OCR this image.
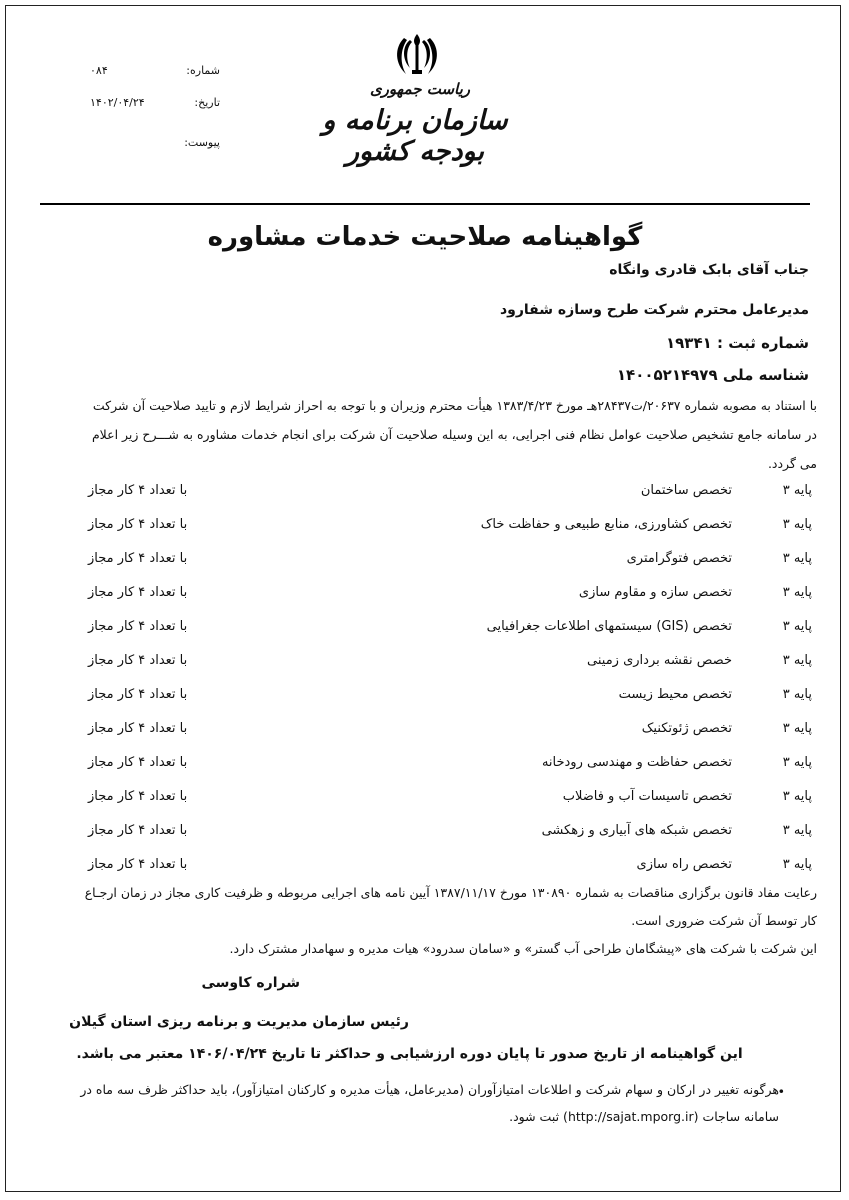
ریاست جمهوری
سازمان برنامه و بودجه کشور
شماره:
۰۸۴
تاریخ:
۱۴۰۲/۰۴/۲۴
پیوست:
گواهینامه صلاحیت خدمات مشاوره
جناب آقای بابک قادری وانگاه
مدیرعامل محترم شرکت طرح وسازه شفارود
شماره ثبت : ۱۹۳۴۱
شناسه ملی ۱۴۰۰۵۲۱۴۹۷۹
با استناد به مصوبه شماره ۲۰۶۳۷/ت۲۸۴۳۷هـ مورخ ۱۳۸۳/۴/۲۳ هیأت محترم وزیران و با توجه به احراز شرایط لازم و تایید صلاحیت آن شرکت
در سامانه جامع تشخیص صلاحیت عوامل نظام فنی اجرایی، به این وسیله صلاحیت آن شرکت برای انجام خدمات مشاوره به شـــرح زیر اعلام
می گردد.
پایه ۳
تخصص ساختمان
با تعداد ۴ کار مجاز
پایه ۳
تخصص کشاورزی، منابع طبیعی و حفاظت خاک
با تعداد ۴ کار مجاز
پایه ۳
تخصص فتوگرامتری
با تعداد ۴ کار مجاز
پایه ۳
تخصص سازه و مقاوم سازی
با تعداد ۴ کار مجاز
پایه ۳
تخصص (GIS) سیستمهای اطلاعات جغرافیایی
با تعداد ۴ کار مجاز
پایه ۳
خصص نقشه برداری زمینی
با تعداد ۴ کار مجاز
پایه ۳
تخصص محیط زیست
با تعداد ۴ کار مجاز
پایه ۳
تخصص ژئوتکنیک
با تعداد ۴ کار مجاز
پایه ۳
تخصص حفاظت و مهندسی رودخانه
با تعداد ۴ کار مجاز
پایه ۳
تخصص تاسیسات آب و فاضلاب
با تعداد ۴ کار مجاز
پایه ۳
تخصص شبکه های آبیاری و زهکشی
با تعداد ۴ کار مجاز
پایه ۳
تخصص راه سازی
با تعداد ۴ کار مجاز
رعایت مفاد قانون برگزاری مناقصات به شماره ۱۳۰۸۹۰ مورخ ۱۳۸۷/۱۱/۱۷ آیین نامه های اجرایی مربوطه و ظرفیت کاری مجاز در زمان ارجـاع
کار توسط آن شرکت ضروری است.
این شرکت با شرکت های «پیشگامان طراحی آب گستر» و «سامان سدرود» هیات مدیره و سهامدار مشترک دارد.
شراره کاوسی
رئیس سازمان مدیریت و برنامه ریزی استان گیلان
این گواهینامه از تاریخ صدور تا پایان دوره ارزشیابی و حداکثر تا تاریخ ۱۴۰۶/۰۴/۲۴ معتبر می باشد.
•
هرگونه تغییر در ارکان و سهام شرکت و اطلاعات امتیازآوران (مدیرعامل، هیأت مدیره و کارکنان امتیازآور)، باید حداکثر ظرف سه ماه در
سامانه ساجات (http://sajat.mporg.ir) ثبت شود.
